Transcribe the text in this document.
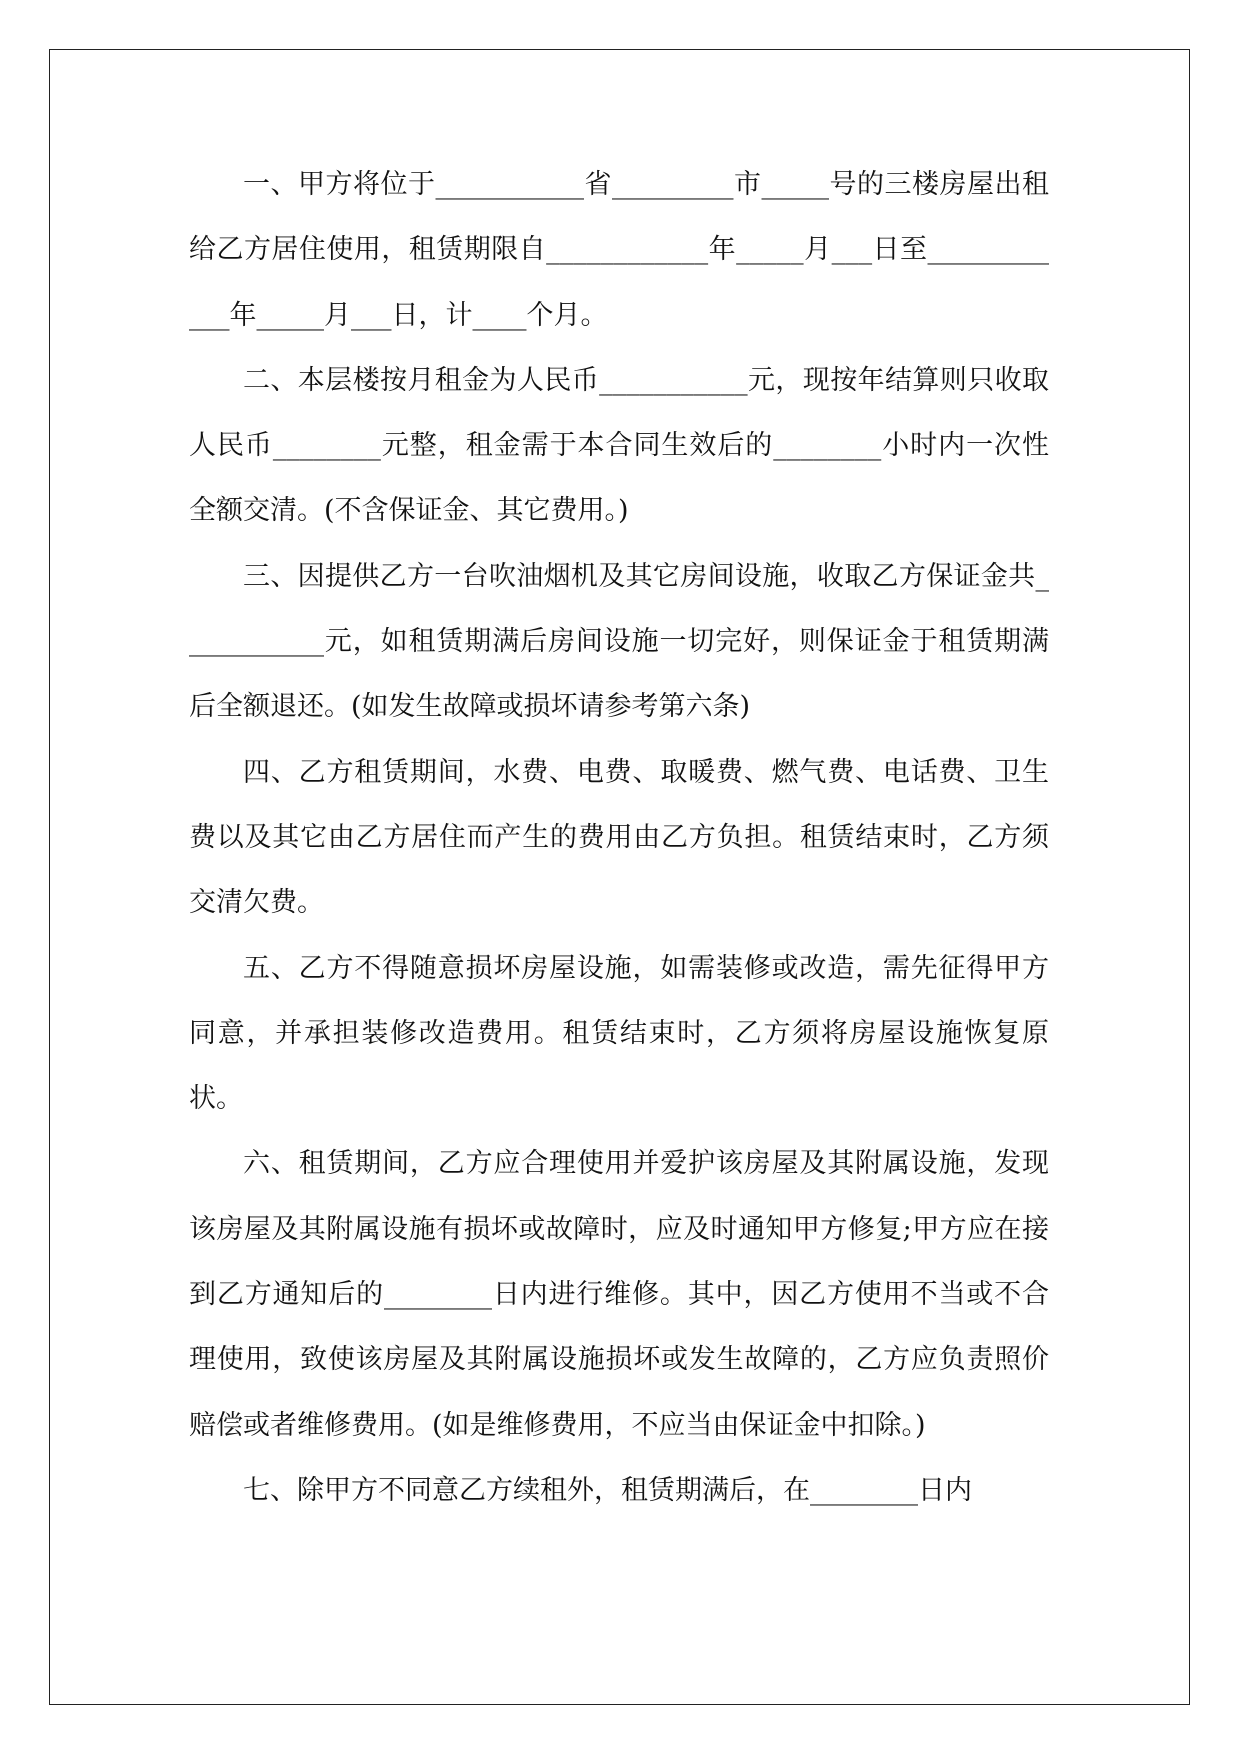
一、甲方将位于___________省_________市_____号的三楼房屋出租给乙方居住使用，租赁期限自____________年_____月___日至____________年_____月___日，计____个月。

二、本层楼按月租金为人民币___________元，现按年结算则只收取人民币________元整，租金需于本合同生效后的________小时内一次性全额交清。(不含保证金、其它费用。)

三、因提供乙方一台吹油烟机及其它房间设施，收取乙方保证金共___________元，如租赁期满后房间设施一切完好，则保证金于租赁期满后全额退还。(如发生故障或损坏请参考第六条)

四、乙方租赁期间，水费、电费、取暖费、燃气费、电话费、卫生费以及其它由乙方居住而产生的费用由乙方负担。租赁结束时，乙方须交清欠费。

五、乙方不得随意损坏房屋设施，如需装修或改造，需先征得甲方同意，并承担装修改造费用。租赁结束时，乙方须将房屋设施恢复原状。

六、租赁期间，乙方应合理使用并爱护该房屋及其附属设施，发现该房屋及其附属设施有损坏或故障时，应及时通知甲方修复;甲方应在接到乙方通知后的________日内进行维修。其中，因乙方使用不当或不合理使用，致使该房屋及其附属设施损坏或发生故障的，乙方应负责照价赔偿或者维修费用。(如是维修费用，不应当由保证金中扣除。)

七、除甲方不同意乙方续租外，租赁期满后，在________日内
